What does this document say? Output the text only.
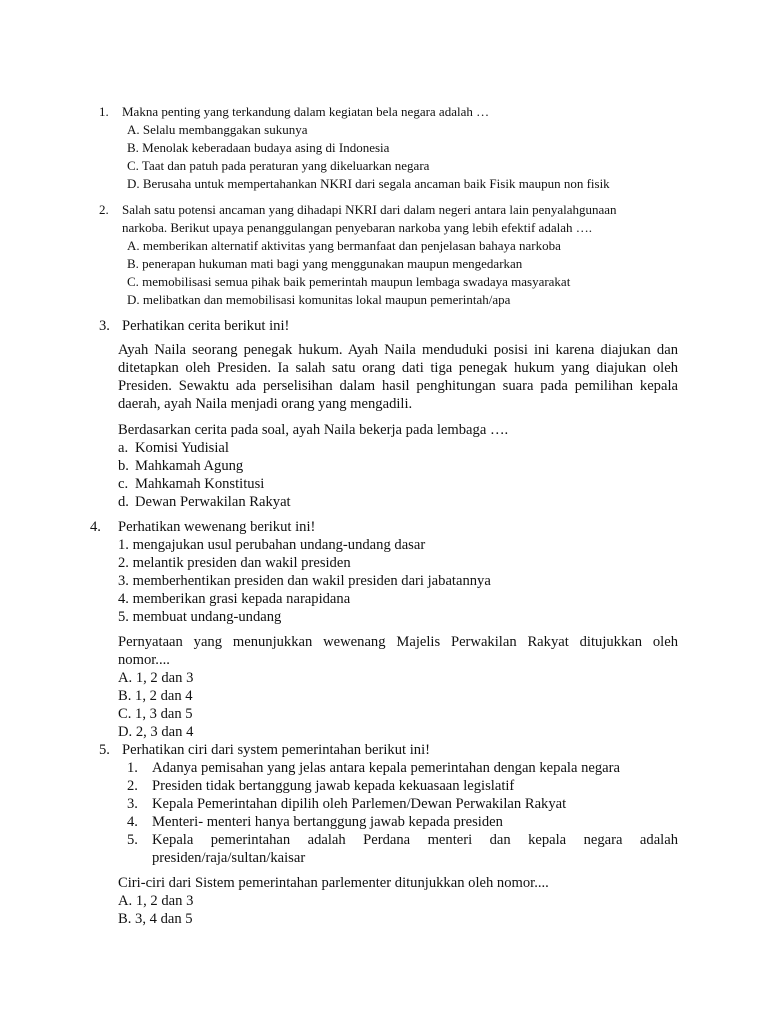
1. Makna penting yang terkandung dalam kegiatan bela negara adalah …
A. Selalu membanggakan sukunya
B. Menolak keberadaan budaya asing di Indonesia
C. Taat dan patuh pada peraturan yang dikeluarkan negara
D. Berusaha untuk mempertahankan NKRI dari segala ancaman baik Fisik maupun non fisik
2. Salah satu potensi ancaman yang dihadapi NKRI dari dalam negeri antara lain penyalahgunaan
narkoba. Berikut upaya penanggulangan penyebaran narkoba yang lebih efektif adalah ….
A. memberikan alternatif aktivitas yang bermanfaat dan penjelasan bahaya narkoba
B. penerapan hukuman mati bagi yang menggunakan maupun mengedarkan
C. memobilisasi semua pihak baik pemerintah maupun lembaga swadaya masyarakat
D. melibatkan dan memobilisasi komunitas lokal maupun pemerintah/apa
3. Perhatikan cerita berikut ini!
Ayah Naila seorang penegak hukum. Ayah Naila menduduki posisi ini karena diajukan dan
ditetapkan oleh Presiden. Ia salah satu orang dati tiga penegak hukum yang diajukan oleh
Presiden. Sewaktu ada perselisihan dalam hasil penghitungan suara pada pemilihan kepala
daerah, ayah Naila menjadi orang yang mengadili.
Berdasarkan cerita pada soal, ayah Naila bekerja pada lembaga ….
a. Komisi Yudisial
b. Mahkamah Agung
c. Mahkamah Konstitusi
d. Dewan Perwakilan Rakyat
4. Perhatikan wewenang berikut ini!
1. mengajukan usul perubahan undang-undang dasar
2. melantik presiden dan wakil presiden
3. memberhentikan presiden dan wakil presiden dari jabatannya
4. memberikan grasi kepada narapidana
5. membuat undang-undang
Pernyataan yang menunjukkan wewenang Majelis Perwakilan Rakyat ditujukkan oleh
nomor....
A. 1, 2 dan 3
B. 1, 2 dan 4
C. 1, 3 dan 5
D. 2, 3 dan 4
5. Perhatikan ciri dari system pemerintahan berikut ini!
1. Adanya pemisahan yang jelas antara kepala pemerintahan dengan kepala negara
2. Presiden tidak bertanggung jawab kepada kekuasaan legislatif
3. Kepala Pemerintahan dipilih oleh Parlemen/Dewan Perwakilan Rakyat
4. Menteri- menteri hanya bertanggung jawab kepada presiden
5. Kepala pemerintahan adalah Perdana menteri dan kepala negara adalah
presiden/raja/sultan/kaisar
Ciri-ciri dari Sistem pemerintahan parlementer ditunjukkan oleh nomor....
A. 1, 2 dan 3
B. 3, 4 dan 5
